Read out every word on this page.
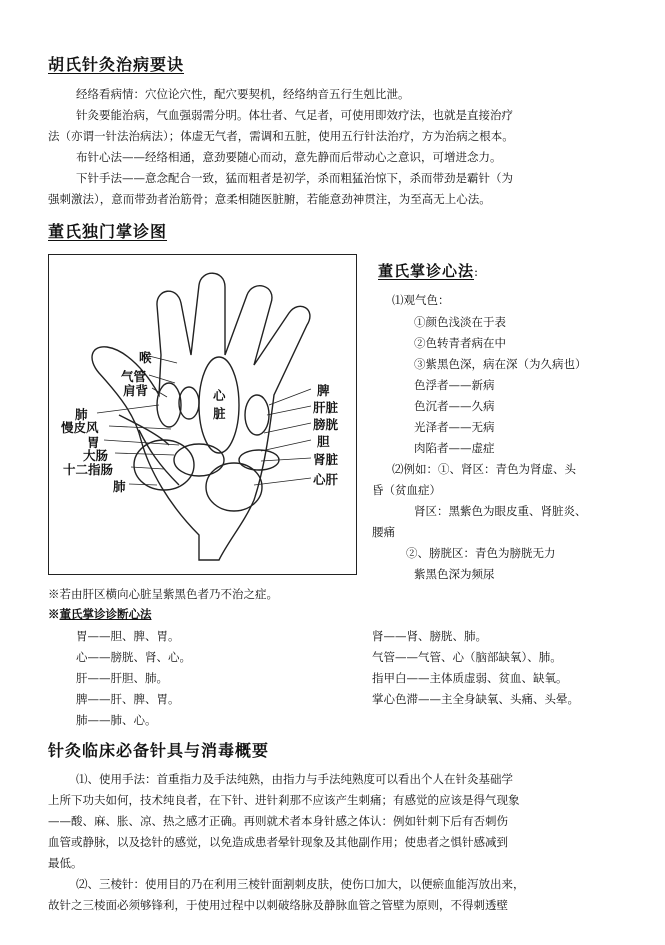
胡氏针灸治病要诀
经络看病情：穴位论穴性，配穴要契机，经络纳音五行生剋比泄。
针灸要能治病，气血强弱需分明。体壮者、气足者，可使用即效疗法，也就是直接治疗
法（亦谓一针法治病法）；体虚无气者，需调和五脏，使用五行针法治疗，方为治病之根本。
布针心法——经络相通，意劲要随心而动，意先静而后带动心之意识，可增进念力。
下针手法——意念配合一致，猛而粗者是初学，杀而粗猛治惊下，杀而带劲是霸针（为
强刺激法），意而带劲者治筋骨；意柔相随医脏腑，若能意劲神贯注，为至高无上心法。
董氏独门掌诊图
喉
气管
肩背
肺
慢皮风
胃
大肠
十二指肠
肺
心
脏
脾
肝脏
膀胱
胆
肾脏
心肝
董氏掌诊心法:
⑴观气色：
①颜色浅淡在于表
②色转青者病在中
③紫黑色深，病在深（为久病也）
色浮者——新病
色沉者——久病
光泽者——无病
肉陷者——虚症
⑵例如：①、肾区：青色为肾虚、头
昏（贫血症）
肾区：黑紫色为眼皮重、肾脏炎、
腰痛
②、膀胱区：青色为膀胱无力
紫黑色深为频尿
※若由肝区横向心脏呈紫黑色者乃不治之症。
※董氏掌诊诊断心法
胃——胆、脾、胃。
心——膀胱、肾、心。
肝——肝胆、肺。
脾——肝、脾、胃。
肺——肺、心。
肾——肾、膀胱、肺。
气管——气管、心（脑部缺氧）、肺。
指甲白——主体质虚弱、贫血、缺氧。
掌心色滞——主全身缺氧、头痛、头晕。
针灸临床必备针具与消毒概要
⑴、使用手法：首重指力及手法纯熟，由指力与手法纯熟度可以看出个人在针灸基础学
上所下功夫如何，技术纯良者，在下针、进针剎那不应该产生刺痛；有感觉的应该是得气现象
——酸、麻、胀、凉、热之感才正确。再则就术者本身针感之体认：例如针刺下后有否刺伤
血管或静脉，以及捻针的感觉，以免造成患者晕针现象及其他副作用；使患者之惧针感减到
最低。
⑵、三棱针：使用目的乃在利用三棱针面割刺皮肤，使伤口加大，以便瘀血能泻放出来，
故针之三棱面必须够锋利，于使用过程中以刺破络脉及静脉血管之管壁为原则，不得刺透壁
